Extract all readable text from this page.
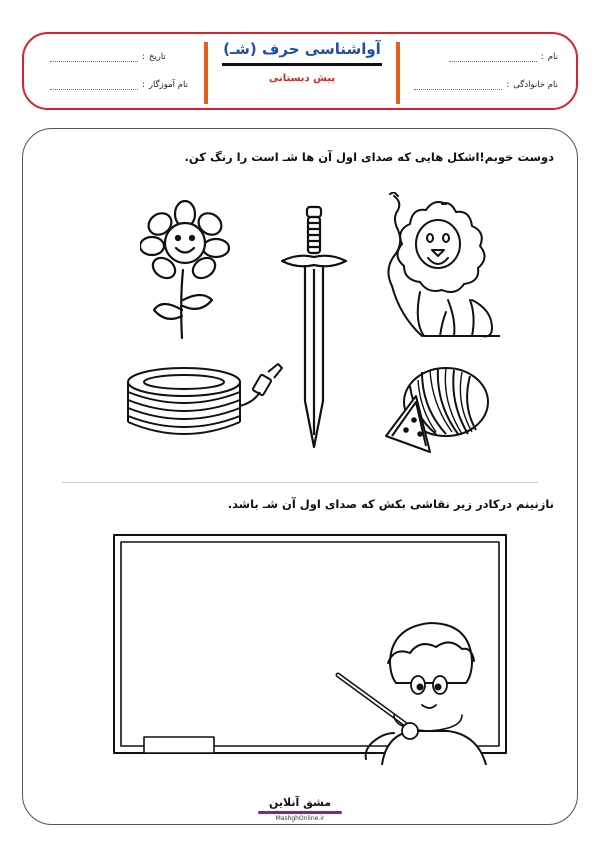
نام
:
نام خانوادگی
:
آواشناسی حرف (شـ)
پیش دبستانی
تاریخ
:
نام آموزگار
:
دوست خوبم!اشکل هایی که صدای اول آن ها شـ است را رنگ کن.
نازنینم درکادر زیر نقاشی بکش که صدای اول آن شـ باشد.
مشق آنلاین
MashghOnline.ir
